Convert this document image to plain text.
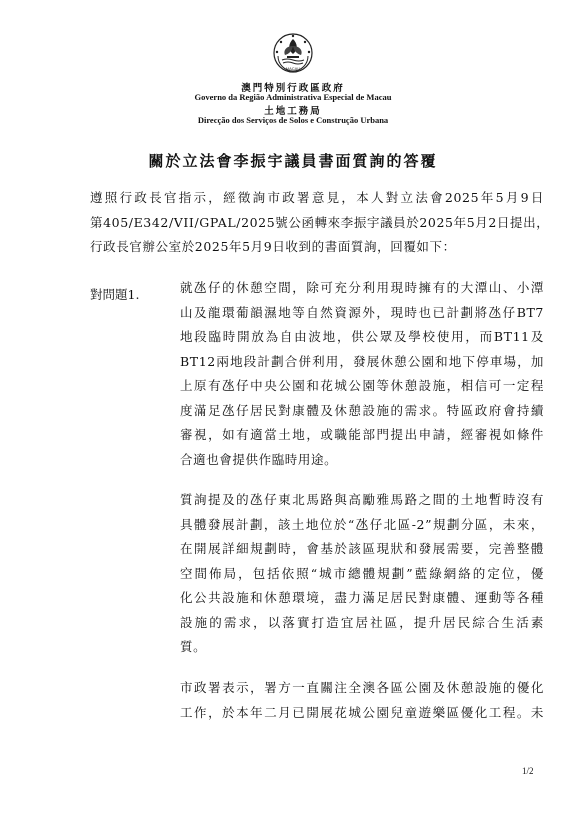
MACAU
澳門特別行政區政府
Governo da Região Administrativa Especial de Macau
土地工務局
Direcção dos Serviços de Solos e Construção Urbana
關於立法會李振宇議員書面質詢的答覆
遵照行政長官指示，經徵詢市政署意見，本人對立法會2025年5月9日
第405/E342/VII/GPAL/2025號公函轉來李振宇議員於2025年5月2日提出，
行政長官辦公室於2025年5月9日收到的書面質詢，回覆如下：
對問題1.	就氹仔的休憩空間，除可充分利用現時擁有的大潭山、小潭
山及龍環葡韻濕地等自然資源外，現時也已計劃將氹仔BT7
地段臨時開放為自由波地，供公眾及學校使用，而BT11及
BT12兩地段計劃合併利用，發展休憩公園和地下停車場，加
上原有氹仔中央公園和花城公園等休憩設施，相信可一定程
度滿足氹仔居民對康體及休憩設施的需求。特區政府會持續
審視，如有適當土地，或職能部門提出申請，經審視如條件
合適也會提供作臨時用途。
質詢提及的氹仔東北馬路與高勵雅馬路之間的土地暫時沒有
具體發展計劃，該土地位於“氹仔北區-2”規劃分區，未來，
在開展詳細規劃時，會基於該區現狀和發展需要，完善整體
空間佈局，包括依照“城市總體規劃”藍綠網絡的定位，優
化公共設施和休憩環境，盡力滿足居民對康體、運動等各種
設施的需求，以落實打造宜居社區，提升居民綜合生活素
質。
市政署表示，署方一直關注全澳各區公園及休憩設施的優化
工作，於本年二月已開展花城公園兒童遊樂區優化工程。未
1/2
